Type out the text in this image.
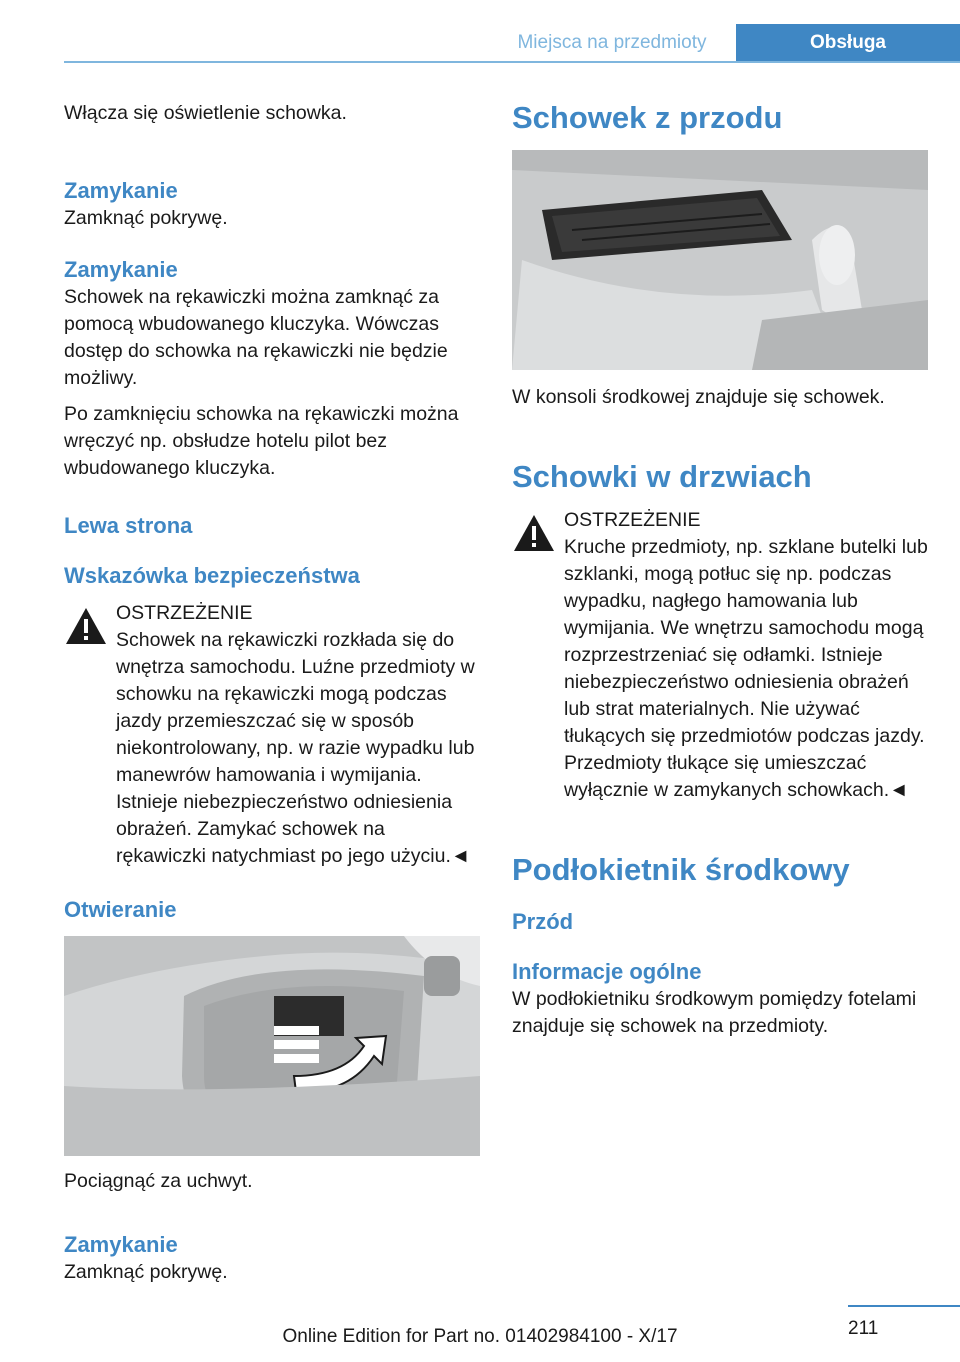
Miejsca na przedmioty	Obsługa

Włącza się oświetlenie schowka.

Zamykanie

Zamknąć pokrywę.

Zamykanie

Schowek na rękawiczki można zamknąć za pomocą wbudowanego kluczyka. Wówczas dostęp do schowka na rękawiczki nie będzie możliwy.

Po zamknięciu schowka na rękawiczki można wręczyć np. obsłudze hotelu pilot bez wbudowanego kluczyka.

Lewa strona
Wskazówka bezpieczeństwa

OSTRZEŻENIE

Schowek na rękawiczki rozkłada się do wnętrza samochodu. Luźne przedmioty w schowku na rękawiczki mogą podczas jazdy przemieszczać się w sposób niekontrolowany, np. w razie wypadku lub manewrów hamowania i wymijania. Istnieje niebezpieczeństwo odniesienia obrażeń. Zamykać schowek na rękawiczki natychmiast po jego użyciu.◄

Otwieranie

Pociągnąć za uchwyt.

Zamykanie

Zamknąć pokrywę.

Schowek z przodu

W konsoli środkowej znajduje się schowek.

Schowki w drzwiach

OSTRZEŻENIE

Kruche przedmioty, np. szklane butelki lub szklanki, mogą potłuc się np. podczas wypadku, nagłego hamowania lub wymijania. We wnętrzu samochodu mogą rozprzestrzeniać się odłamki. Istnieje niebezpieczeństwo odniesienia obrażeń lub strat materialnych. Nie używać tłukących się przedmiotów podczas jazdy. Przedmioty tłukące się umieszczać wyłącznie w zamykanych schowkach.◄

Podłokietnik środkowy
Przód
Informacje ogólne

W podłokietniku środkowym pomiędzy fotelami znajduje się schowek na przedmioty.

211
Online Edition for Part no. 01402984100 - X/17
